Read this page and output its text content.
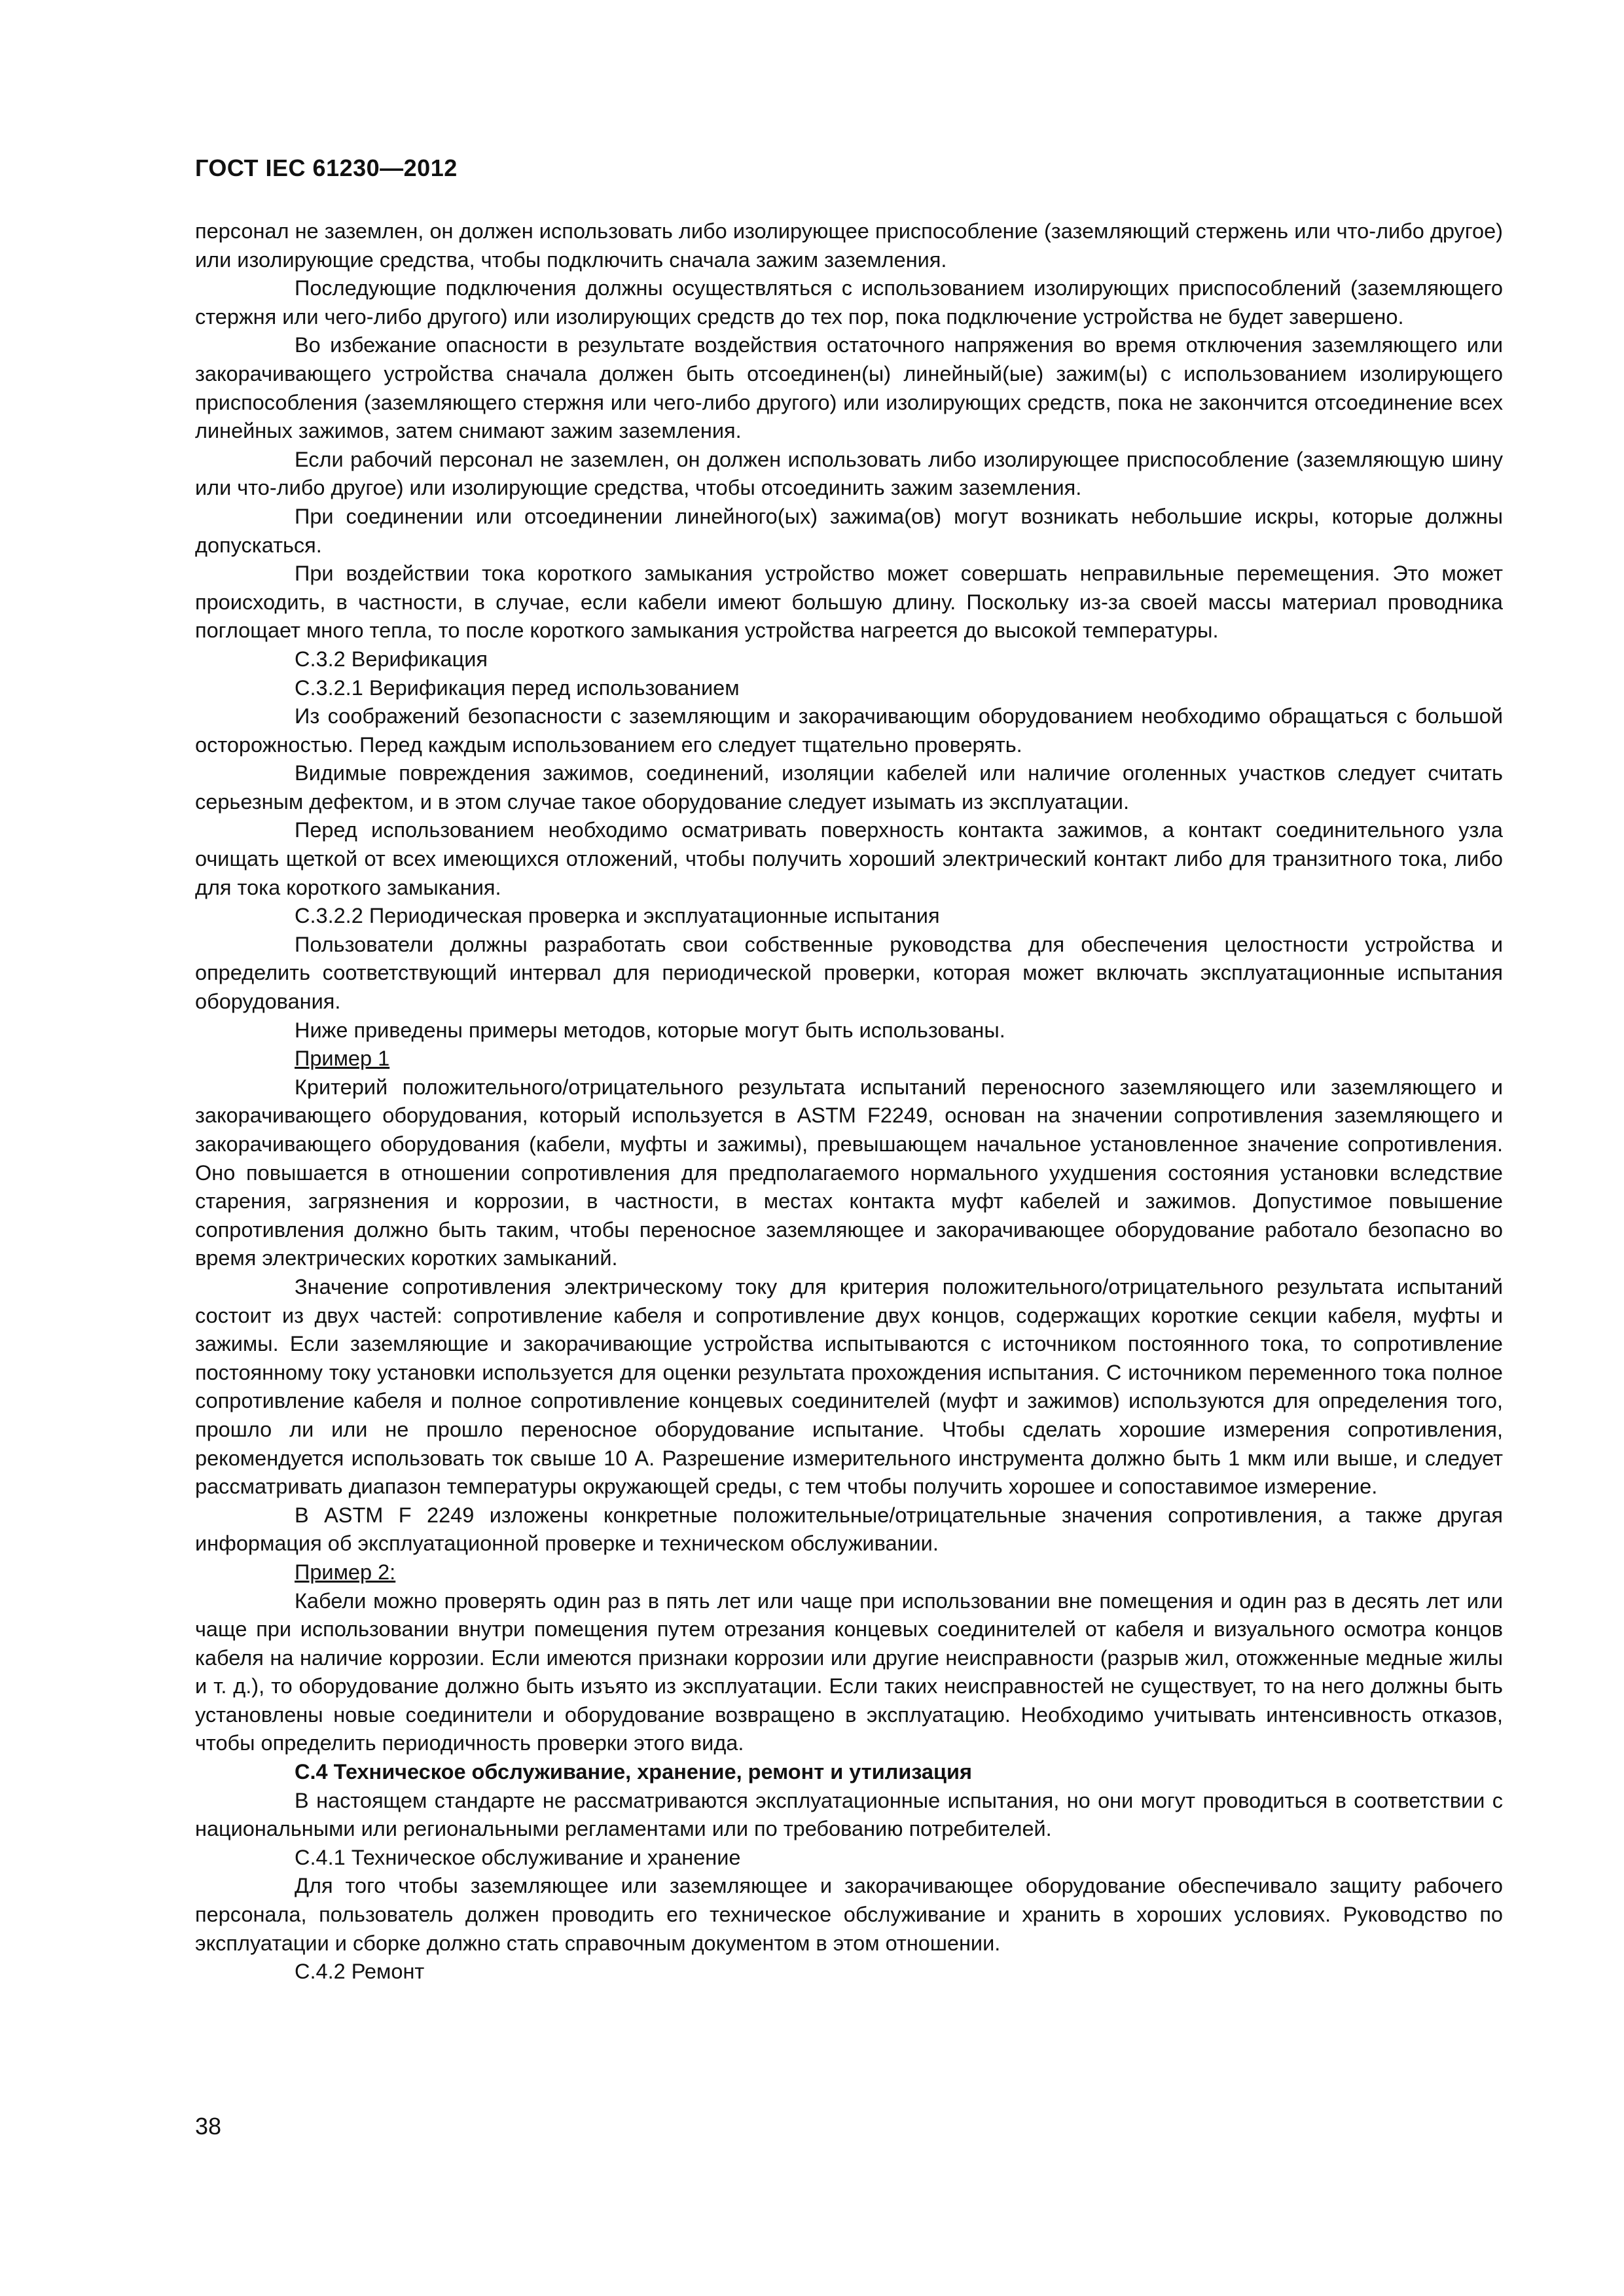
ГОСТ IEC 61230—2012

персонал не заземлен, он должен использовать либо изолирующее приспособление (заземляющий стержень или что-либо другое) или изолирующие средства, чтобы подключить сначала зажим заземления.

Последующие подключения должны осуществляться с использованием изолирующих приспособлений (заземляющего стержня или чего-либо другого) или изолирующих средств до тех пор, пока подключение устройства не будет завершено.

Во избежание опасности в результате воздействия остаточного напряжения во время отключения заземляющего или закорачивающего устройства сначала должен быть отсоединен(ы) линейный(ые) зажим(ы) с использованием изолирующего приспособления (заземляющего стержня или чего-либо другого) или изолирующих средств, пока не закончится отсоединение всех линейных зажимов, затем снимают зажим заземления.

Если рабочий персонал не заземлен, он должен использовать либо изолирующее приспособление (заземляющую шину или что-либо другое) или изолирующие средства, чтобы отсоединить зажим заземления.

При соединении или отсоединении линейного(ых) зажима(ов) могут возникать небольшие искры, которые должны допускаться.

При воздействии тока короткого замыкания устройство может совершать неправильные перемещения. Это может происходить, в частности, в случае, если кабели имеют большую длину. Поскольку из-за своей массы материал проводника поглощает много тепла, то после короткого замыкания устройства нагреется до высокой температуры.

С.3.2 Верификация

С.3.2.1 Верификация перед использованием

Из соображений безопасности с заземляющим и закорачивающим оборудованием необходимо обращаться с большой осторожностью. Перед каждым использованием его следует тщательно проверять.

Видимые повреждения зажимов, соединений, изоляции кабелей или наличие оголенных участков следует считать серьезным дефектом, и в этом случае такое оборудование следует изымать из эксплуатации.

Перед использованием необходимо осматривать поверхность контакта зажимов, а контакт соединительного узла очищать щеткой от всех имеющихся отложений, чтобы получить хороший электрический контакт либо для транзитного тока, либо для тока короткого замыкания.

С.3.2.2 Периодическая проверка и эксплуатационные испытания

Пользователи должны разработать свои собственные руководства для обеспечения целостности устройства и определить соответствующий интервал для периодической проверки, которая может включать эксплуатационные испытания оборудования.

Ниже приведены примеры методов, которые могут быть использованы.

Пример 1

Критерий положительного/отрицательного результата испытаний переносного заземляющего или заземляющего и закорачивающего оборудования, который используется в ASTM F2249, основан на значении сопротивления заземляющего и закорачивающего оборудования (кабели, муфты и зажимы), превышающем начальное установленное значение сопротивления. Оно повышается в отношении сопротивления для предполагаемого нормального ухудшения состояния установки вследствие старения, загрязнения и коррозии, в частности, в местах контакта муфт кабелей и зажимов. Допустимое повышение сопротивления должно быть таким, чтобы переносное заземляющее и закорачивающее оборудование работало безопасно во время электрических коротких замыканий.

Значение сопротивления электрическому току для критерия положительного/отрицательного результата испытаний состоит из двух частей: сопротивление кабеля и сопротивление двух концов, содержащих короткие секции кабеля, муфты и зажимы. Если заземляющие и закорачивающие устройства испытываются с источником постоянного тока, то сопротивление постоянному току установки используется для оценки результата прохождения испытания. С источником переменного тока полное сопротивление кабеля и полное сопротивление концевых соединителей (муфт и зажимов) используются для определения того, прошло ли или не прошло переносное оборудование испытание. Чтобы сделать хорошие измерения сопротивления, рекомендуется использовать ток свыше 10 А. Разрешение измерительного инструмента должно быть 1 мкм или выше, и следует рассматривать диапазон температуры окружающей среды, с тем чтобы получить хорошее и сопоставимое измерение.

В ASTM F 2249 изложены конкретные положительные/отрицательные значения сопротивления, а также другая информация об эксплуатационной проверке и техническом обслуживании.

Пример 2:

Кабели можно проверять один раз в пять лет или чаще при использовании вне помещения и один раз в десять лет или чаще при использовании внутри помещения путем отрезания концевых соединителей от кабеля и визуального осмотра концов кабеля на наличие коррозии. Если имеются признаки коррозии или другие неисправности (разрыв жил, отожженные медные жилы и т. д.), то оборудование должно быть изъято из эксплуатации. Если таких неисправностей не существует, то на него должны быть установлены новые соединители и оборудование возвращено в эксплуатацию. Необходимо учитывать интенсивность отказов, чтобы определить периодичность проверки этого вида.

С.4 Техническое обслуживание, хранение, ремонт и утилизация

В настоящем стандарте не рассматриваются эксплуатационные испытания, но они могут проводиться в соответствии с национальными или региональными регламентами или по требованию потребителей.

С.4.1 Техническое обслуживание и хранение

Для того чтобы заземляющее или заземляющее и закорачивающее оборудование обеспечивало защиту рабочего персонала, пользователь должен проводить его техническое обслуживание и хранить в хороших условиях. Руководство по эксплуатации и сборке должно стать справочным документом в этом отношении.

С.4.2 Ремонт

38
